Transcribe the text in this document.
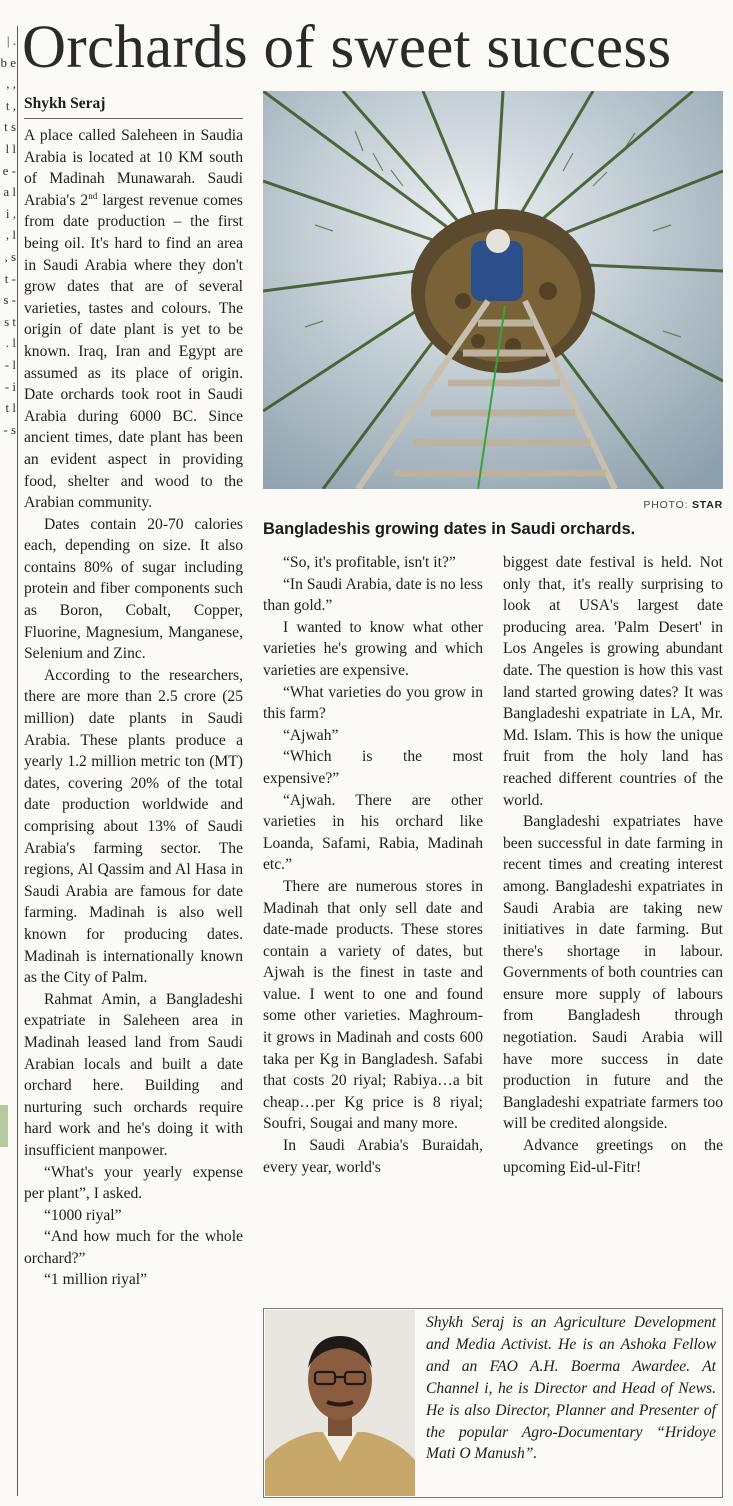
| . b e , , t , t s l l e - a l i , , l , s t - s - s t . l - l - i t l - s
Orchards of sweet success
Shykh Seraj

A place called Saleheen in Saudia Arabia is located at 10 KM south of Madinah Munawarah. Saudi Arabia's 2nd largest revenue comes from date production – the first being oil. It's hard to find an area in Saudi Arabia where they don't grow dates that are of several varieties, tastes and colours. The origin of date plant is yet to be known. Iraq, Iran and Egypt are assumed as its place of origin. Date orchards took root in Saudi Arabia during 6000 BC. Since ancient times, date plant has been an evident aspect in providing food, shelter and wood to the Arabian community.

Dates contain 20-70 calories each, depending on size. It also contains 80% of sugar including protein and fiber components such as Boron, Cobalt, Copper, Fluorine, Magnesium, Manganese, Selenium and Zinc.

According to the researchers, there are more than 2.5 crore (25 million) date plants in Saudi Arabia. These plants produce a yearly 1.2 million metric ton (MT) dates, covering 20% of the total date production worldwide and comprising about 13% of Saudi Arabia's farming sector. The regions, Al Qassim and Al Hasa in Saudi Arabia are famous for date farming. Madinah is also well known for producing dates. Madinah is internationally known as the City of Palm.

Rahmat Amin, a Bangladeshi expatriate in Saleheen area in Madinah leased land from Saudi Arabian locals and built a date orchard here. Building and nurturing such orchards require hard work and he's doing it with insufficient manpower.

“What's your yearly expense per plant”, I asked.

“1000 riyal”

“And how much for the whole orchard?”

“1 million riyal”

PHOTO: STAR
Bangladeshis growing dates in Saudi orchards.

“So, it's profitable, isn't it?”

“In Saudi Arabia, date is no less than gold.”

I wanted to know what other varieties he's growing and which varieties are expensive.

“What varieties do you grow in this farm?

“Ajwah”

“Which is the most expensive?”

“Ajwah. There are other varieties in his orchard like Loanda, Safami, Rabia, Madinah etc.”

There are numerous stores in Madinah that only sell date and date-made products. These stores contain a variety of dates, but Ajwah is the finest in taste and value. I went to one and found some other varieties. Maghroum- it grows in Madinah and costs 600 taka per Kg in Bangladesh. Safabi that costs 20 riyal; Rabiya…a bit cheap…per Kg price is 8 riyal; Soufri, Sougai and many more.

In Saudi Arabia's Buraidah, every year, world's

biggest date festival is held. Not only that, it's really surprising to look at USA's largest date producing area. 'Palm Desert' in Los Angeles is growing abundant date. The question is how this vast land started growing dates? It was Bangladeshi expatriate in LA, Mr. Md. Islam. This is how the unique fruit from the holy land has reached different countries of the world.

Bangladeshi expatriates have been successful in date farming in recent times and creating interest among. Bangladeshi expatriates in Saudi Arabia are taking new initiatives in date farming. But there's shortage in labour. Governments of both countries can ensure more supply of labours from Bangladesh through negotiation. Saudi Arabia will have more success in date production in future and the Bangladeshi expatriate farmers too will be credited alongside.

Advance greetings on the upcoming Eid-ul-Fitr!

Shykh Seraj is an Agriculture Development and Media Activist. He is an Ashoka Fellow and an FAO A.H. Boerma Awardee. At Channel i, he is Director and Head of News. He is also Director, Planner and Presenter of the popular Agro-Documentary “Hridoye Mati O Manush”.
